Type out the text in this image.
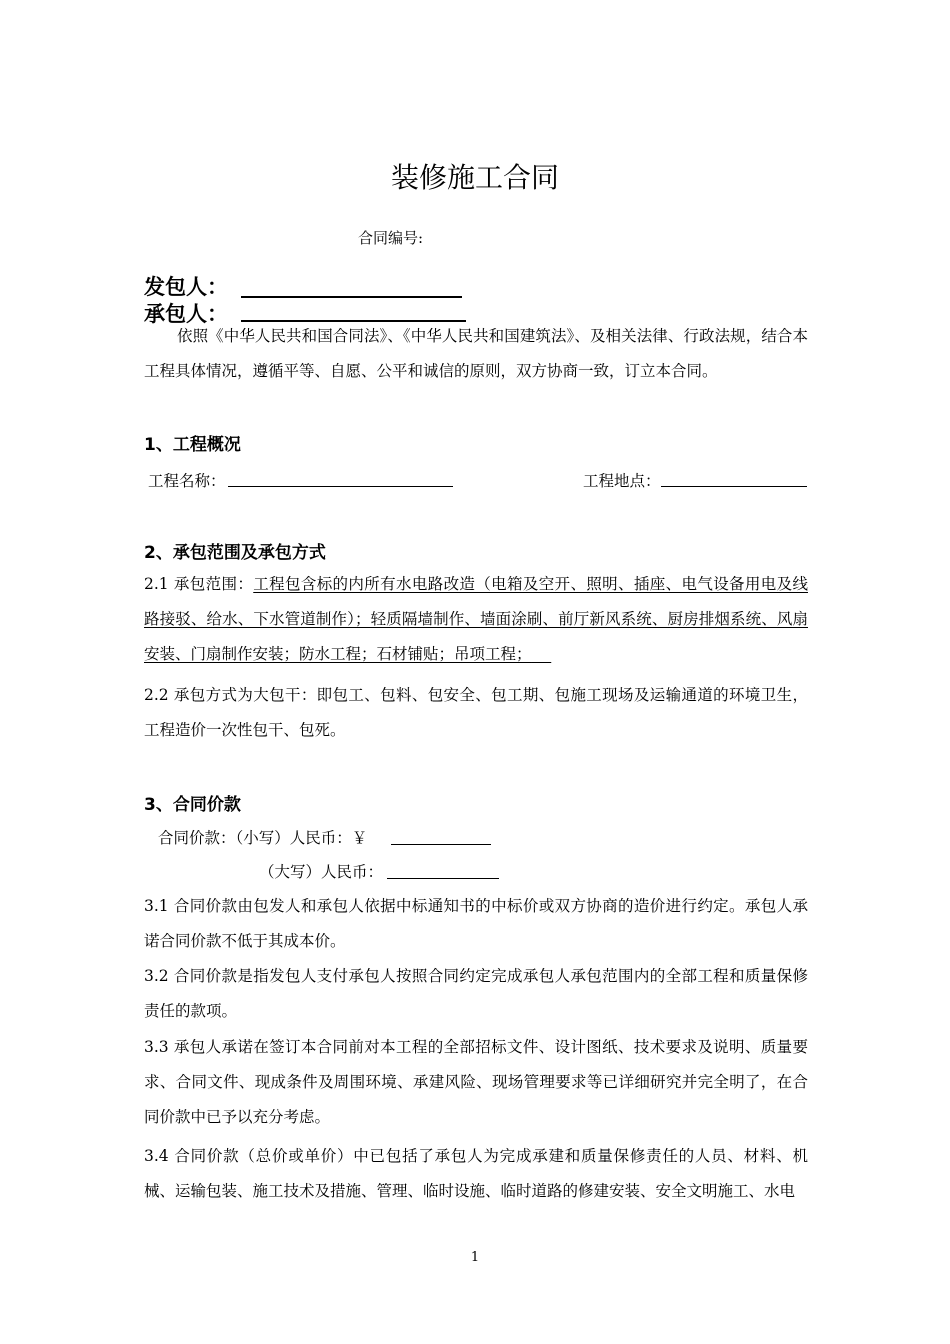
装修施工合同
合同编号:
发包人：
承包人：
依照《中华人民共和国合同法》、《中华人民共和国建筑法》、及相关法律、行政法规，结合本工程具体情况，遵循平等、自愿、公平和诚信的原则，双方协商一致，订立本合同。
1、工程概况
工程名称：	工程地点：
2、承包范围及承包方式
2.1 承包范围：工程包含标的内所有水电路改造（电箱及空开、照明、插座、电气设备用电及线路接驳、给水、下水管道制作）；轻质隔墙制作、墙面涂刷、前厅新风系统、厨房排烟系统、风扇安装、门扇制作安装；防水工程；石材铺贴；吊项工程；
2.2 承包方式为大包干：即包工、包料、包安全、包工期、包施工现场及运输通道的环境卫生，工程造价一次性包干、包死。
3、合同价款
合同价款：（小写）人民币：￥
（大写）人民币：
3.1 合同价款由包发人和承包人依据中标通知书的中标价或双方协商的造价进行约定。承包人承诺合同价款不低于其成本价。
3.2 合同价款是指发包人支付承包人按照合同约定完成承包人承包范围内的全部工程和质量保修责任的款项。
3.3 承包人承诺在签订本合同前对本工程的全部招标文件、设计图纸、技术要求及说明、质量要求、合同文件、现成条件及周围环境、承建风险、现场管理要求等已详细研究并完全明了，在合同价款中已予以充分考虑。
3.4 合同价款（总价或单价）中已包括了承包人为完成承建和质量保修责任的人员、材料、机械、运输包装、施工技术及措施、管理、临时设施、临时道路的修建安装、安全文明施工、水电
1
